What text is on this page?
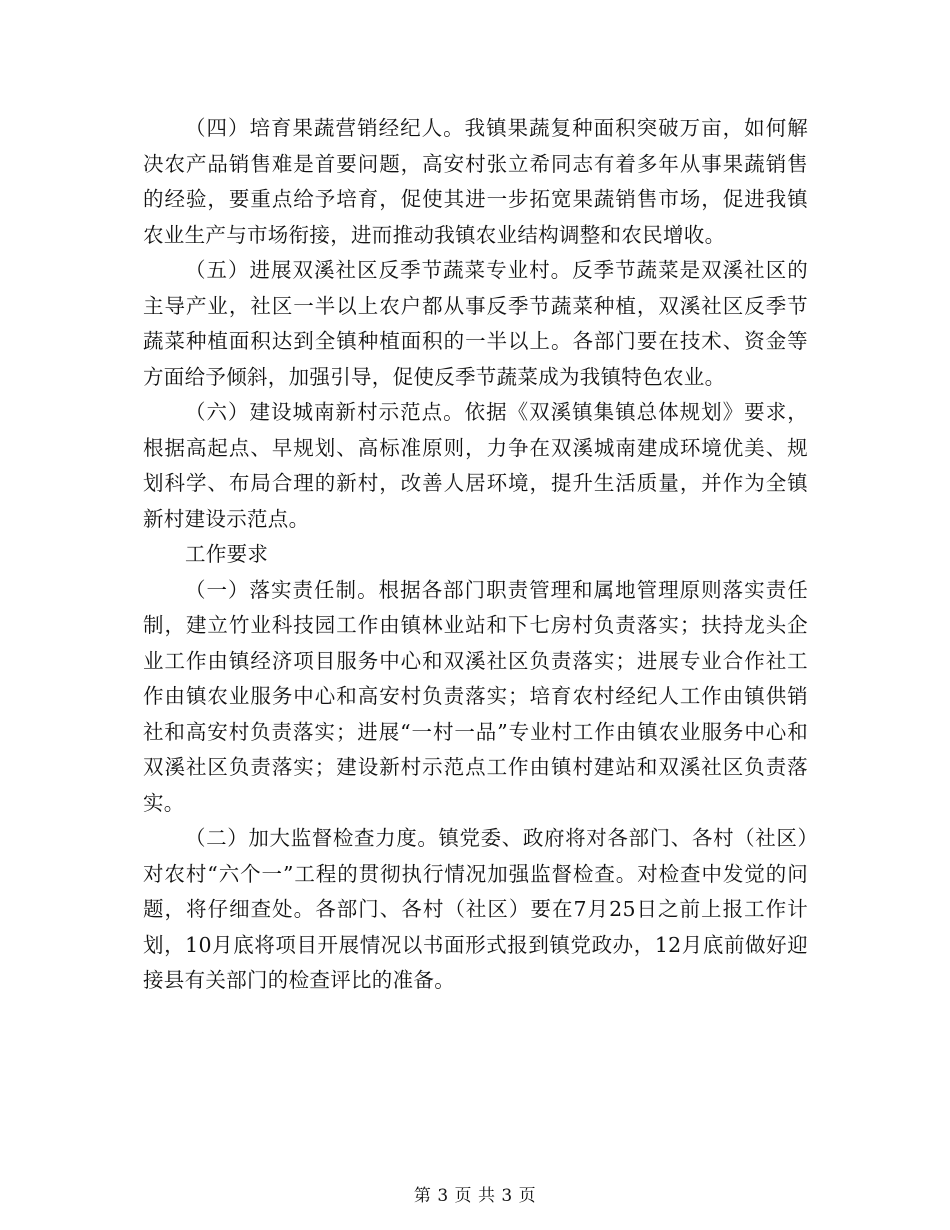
（四）培育果蔬营销经纪人。我镇果蔬复种面积突破万亩，如何解决农产品销售难是首要问题，高安村张立希同志有着多年从事果蔬销售的经验，要重点给予培育，促使其进一步拓宽果蔬销售市场，促进我镇农业生产与市场衔接，进而推动我镇农业结构调整和农民增收。

（五）进展双溪社区反季节蔬菜专业村。反季节蔬菜是双溪社区的主导产业，社区一半以上农户都从事反季节蔬菜种植，双溪社区反季节蔬菜种植面积达到全镇种植面积的一半以上。各部门要在技术、资金等方面给予倾斜，加强引导，促使反季节蔬菜成为我镇特色农业。

（六）建设城南新村示范点。依据《双溪镇集镇总体规划》要求，根据高起点、早规划、高标准原则，力争在双溪城南建成环境优美、规划科学、布局合理的新村，改善人居环境，提升生活质量，并作为全镇新村建设示范点。

工作要求

（一）落实责任制。根据各部门职责管理和属地管理原则落实责任制，建立竹业科技园工作由镇林业站和下七房村负责落实；扶持龙头企业工作由镇经济项目服务中心和双溪社区负责落实；进展专业合作社工作由镇农业服务中心和高安村负责落实；培育农村经纪人工作由镇供销社和高安村负责落实；进展“一村一品”专业村工作由镇农业服务中心和双溪社区负责落实；建设新村示范点工作由镇村建站和双溪社区负责落实。

（二）加大监督检查力度。镇党委、政府将对各部门、各村（社区）对农村“六个一”工程的贯彻执行情况加强监督检查。对检查中发觉的问题，将仔细查处。各部门、各村（社区）要在7月25日之前上报工作计划，10月底将项目开展情况以书面形式报到镇党政办，12月底前做好迎接县有关部门的检查评比的准备。

第 3 页 共 3 页
